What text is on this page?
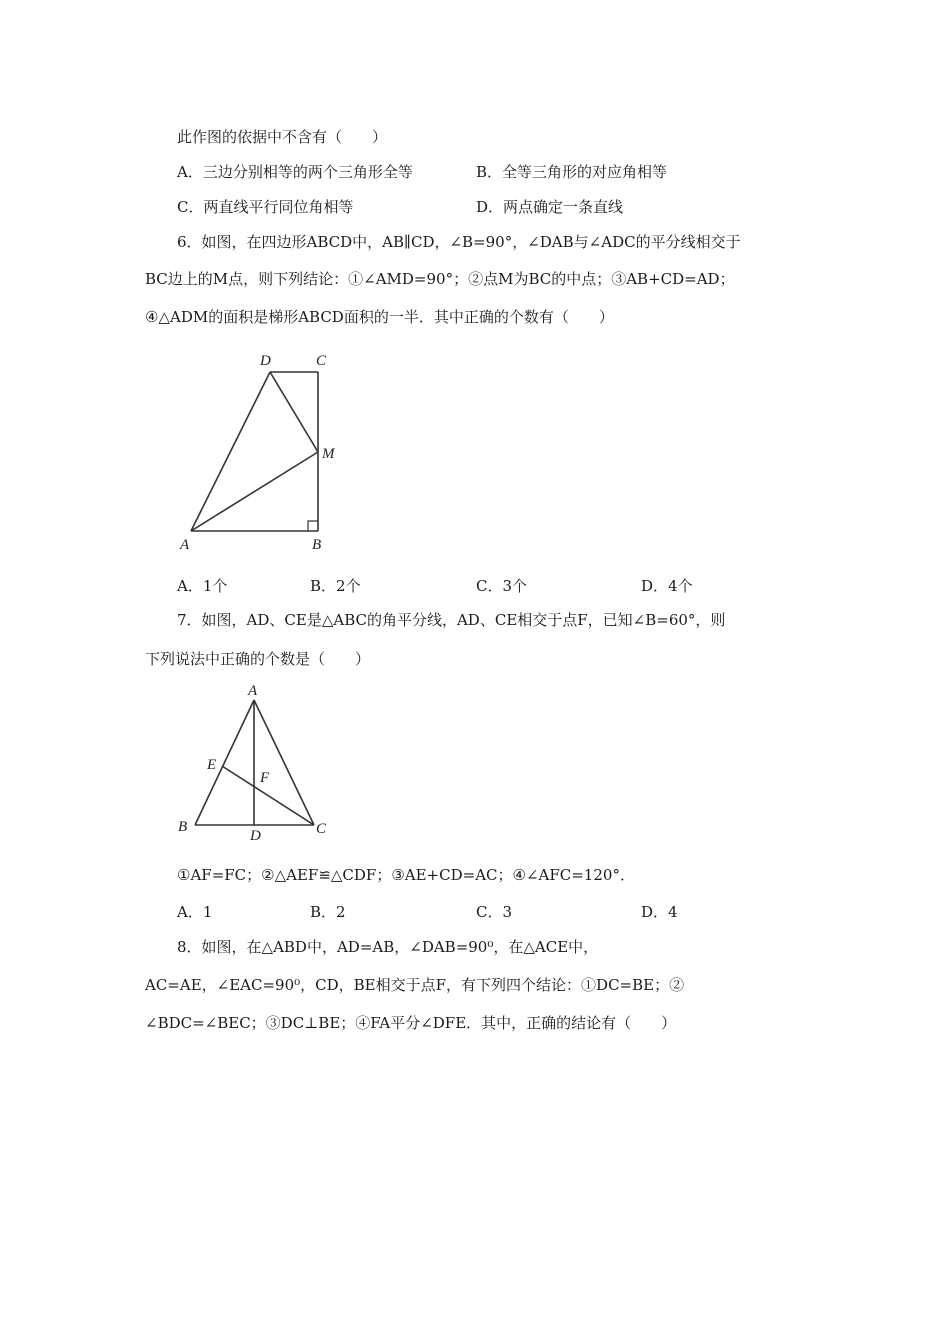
此作图的依据中不含有（　　）
A．三边分别相等的两个三角形全等	B．全等三角形的对应角相等
C．两直线平行同位角相等	D．两点确定一条直线
6．如图，在四边形ABCD中，AB∥CD，∠B=90°，∠DAB与∠ADC的平分线相交于
BC边上的M点，则下列结论：①∠AMD=90°；②点M为BC的中点；③AB+CD=AD；
④△ADM的面积是梯形ABCD面积的一半．其中正确的个数有（　　）
D	C
M
A	B
A．1个	B．2个	C．3个	D．4个
7．如图，AD、CE是△ABC的角平分线，AD、CE相交于点F，已知∠B=60°，则
下列说法中正确的个数是（　　）
A
E
F
B
D	C
①AF=FC；②△AEF≌△CDF；③AE+CD=AC；④∠AFC=120°．
A．1	B．2	C．3	D．4
8．如图，在△ABD中，AD=AB，∠DAB=90⁰，在△ACE中，
AC=AE，∠EAC=90⁰，CD，BE相交于点F，有下列四个结论：①DC=BE；②
∠BDC=∠BEC；③DC⊥BE；④FA平分∠DFE．其中，正确的结论有（　　）
